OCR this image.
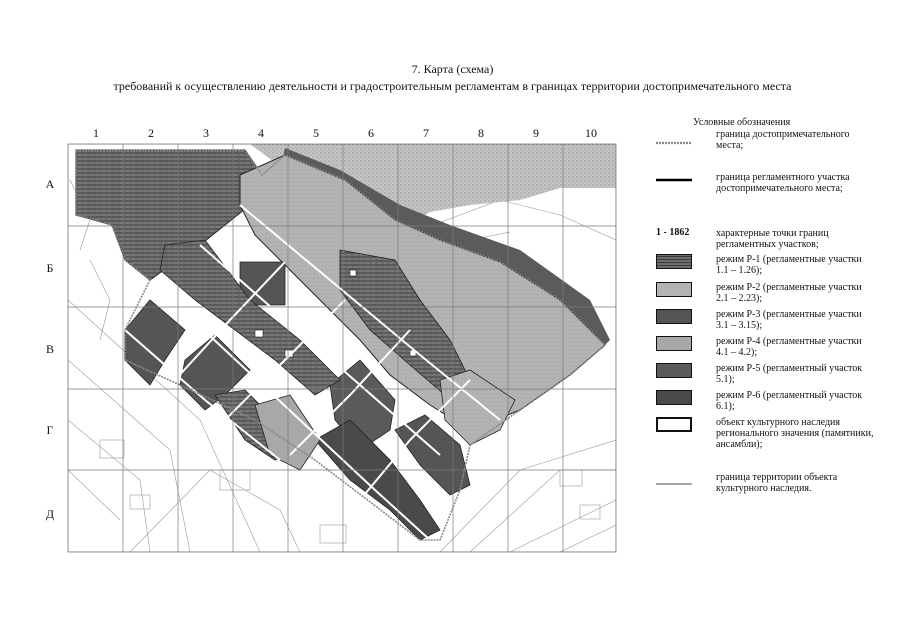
7. Карта (схема)
требований к осуществлению деятельности и градостроительным регламентам в границах территории достопримечательного места
1	2	3	4	5	6	7	8	9	10
А
Б
В
Г
Д
Условные обозначения
граница достопримечательного места;
граница регламентного участка достопримечательного места;
1 - 1862	характерные точки границ регламентных участков;
режим Р-1 (регламентные участки 1.1 – 1.26);
режим Р-2 (регламентные участки 2.1 – 2.23);
режим Р-3 (регламентные участки 3.1 – 3.15);
режим Р-4 (регламентные участки 4.1 – 4.2);
режим Р-5 (регламентный участок 5.1);
режим Р-6 (регламентный участок 6.1);
объект культурного наследия регионального значения (памятники, ансамбли);
граница территории объекта культурного наследия.
